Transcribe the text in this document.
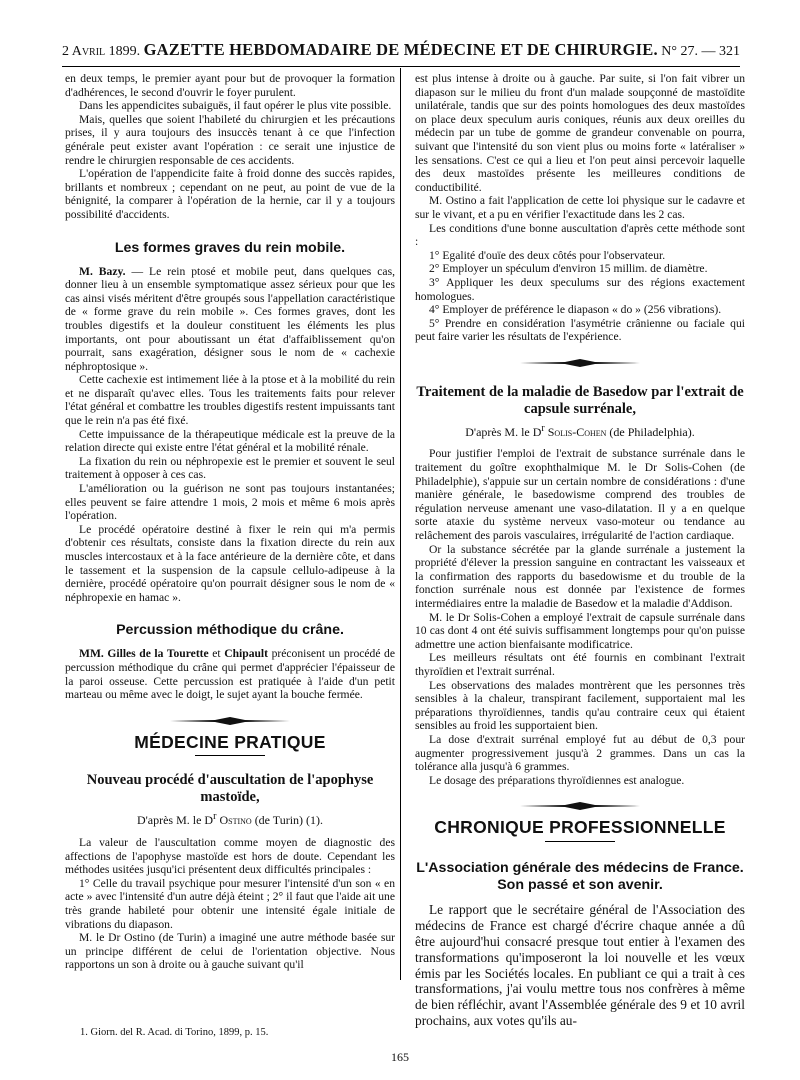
2 Avril 1899. GAZETTE HEBDOMADAIRE DE MÉDECINE ET DE CHIRURGIE. N° 27. — 321

en deux temps, le premier ayant pour but de provoquer la formation d'adhérences, le second d'ouvrir le foyer purulent.

Dans les appendicites subaiguës, il faut opérer le plus vite possible.

Mais, quelles que soient l'habileté du chirurgien et les précautions prises, il y aura toujours des insuccès tenant à ce que l'infection générale peut exister avant l'opération : ce serait une injustice de rendre le chirurgien responsable de ces accidents.

L'opération de l'appendicite faite à froid donne des succès rapides, brillants et nombreux ; cependant on ne peut, au point de vue de la bénignité, la comparer à l'opération de la hernie, car il y a toujours possibilité d'accidents.

Les formes graves du rein mobile.

M. Bazy. — Le rein ptosé et mobile peut, dans quelques cas, donner lieu à un ensemble symptomatique assez sérieux pour que les cas ainsi visés méritent d'être groupés sous l'appellation caractéristique de « forme grave du rein mobile ». Ces formes graves, dont les troubles digestifs et la douleur constituent les éléments les plus importants, ont pour aboutissant un état d'affaiblissement qu'on pourrait, sans exagération, désigner sous le nom de « cachexie néphroptosique ».

Cette cachexie est intimement liée à la ptose et à la mobilité du rein et ne disparaît qu'avec elles. Tous les traitements faits pour relever l'état général et combattre les troubles digestifs restent impuissants tant que le rein n'a pas été fixé.

Cette impuissance de la thérapeutique médicale est la preuve de la relation directe qui existe entre l'état général et la mobilité rénale.

La fixation du rein ou néphropexie est le premier et souvent le seul traitement à opposer à ces cas.

L'amélioration ou la guérison ne sont pas toujours instantanées; elles peuvent se faire attendre 1 mois, 2 mois et même 6 mois après l'opération.

Le procédé opératoire destiné à fixer le rein qui m'a permis d'obtenir ces résultats, consiste dans la fixation directe du rein aux muscles intercostaux et à la face antérieure de la dernière côte, et dans le tassement et la suspension de la capsule cellulo-adipeuse à la dernière, procédé opératoire qu'on pourrait désigner sous le nom de « néphropexie en hamac ».

Percussion méthodique du crâne.

MM. Gilles de la Tourette et Chipault préconisent un procédé de percussion méthodique du crâne qui permet d'apprécier l'épaisseur de la paroi osseuse. Cette percussion est pratiquée à l'aide d'un petit marteau ou même avec le doigt, le sujet ayant la bouche fermée.

MÉDECINE PRATIQUE
Nouveau procédé d'auscultation de l'apophyse mastoïde,
D'après M. le $D^r$ Ostino (de Turin) (1).

La valeur de l'auscultation comme moyen de diagnostic des affections de l'apophyse mastoïde est hors de doute. Cependant les méthodes usitées jusqu'ici présentent deux difficultés principales :

1° Celle du travail psychique pour mesurer l'intensité d'un son « en acte » avec l'intensité d'un autre déjà éteint ; 2° il faut que l'aide ait une très grande habileté pour obtenir une intensité égale initiale de vibrations du diapason.

M. le Dr Ostino (de Turin) a imaginé une autre méthode basée sur un principe différent de celui de l'orientation objective. Nous rapportons un son à droite ou à gauche suivant qu'il

est plus intense à droite ou à gauche. Par suite, si l'on fait vibrer un diapason sur le milieu du front d'un malade soupçonné de mastoïdite unilatérale, tandis que sur des points homologues des deux mastoïdes on place deux speculum auris coniques, réunis aux deux oreilles du médecin par un tube de gomme de grandeur convenable on pourra, suivant que l'intensité du son vient plus ou moins forte « latéraliser » les sensations. C'est ce qui a lieu et l'on peut ainsi percevoir laquelle des deux mastoïdes présente les meilleures conditions de conductibilité.

M. Ostino a fait l'application de cette loi physique sur le cadavre et sur le vivant, et a pu en vérifier l'exactitude dans les 2 cas.

Les conditions d'une bonne auscultation d'après cette méthode sont :

1° Egalité d'ouïe des deux côtés pour l'observateur.

2° Employer un spéculum d'environ 15 millim. de diamètre.

3° Appliquer les deux speculums sur des régions exactement homologues.

4° Employer de préférence le diapason « do » (256 vibrations).

5° Prendre en considération l'asymétrie crânienne ou faciale qui peut faire varier les résultats de l'expérience.

Traitement de la maladie de Basedow par l'extrait de capsule surrénale,
D'après M. le $D^r$ Solis-Cohen (de Philadelphia).

Pour justifier l'emploi de l'extrait de substance surrénale dans le traitement du goître exophthalmique M. le Dr Solis-Cohen (de Philadelphie), s'appuie sur un certain nombre de considérations : d'une manière générale, le basedowisme comprend des troubles de régulation nerveuse amenant une vaso-dilatation. Il y a en quelque sorte ataxie du système nerveux vaso-moteur ou tendance au relâchement des parois vasculaires, irrégularité de l'action cardiaque.

Or la substance sécrétée par la glande surrénale a justement la propriété d'élever la pression sanguine en contractant les vaisseaux et la confirmation des rapports du basedowisme et du trouble de la fonction surrénale nous est donnée par l'existence de formes intermédiaires entre la maladie de Basedow et la maladie d'Addison.

M. le Dr Solis-Cohen a employé l'extrait de capsule surrénale dans 10 cas dont 4 ont été suivis suffisamment longtemps pour qu'on puisse admettre une action bienfaisante modificatrice.

Les meilleurs résultats ont été fournis en combinant l'extrait thyroïdien et l'extrait surrénal.

Les observations des malades montrèrent que les personnes très sensibles à la chaleur, transpirant facilement, supportaient mal les préparations thyroïdiennes, tandis qu'au contraire ceux qui étaient sensibles au froid les supportaient bien.

La dose d'extrait surrénal employé fut au début de 0,3 pour augmenter progressivement jusqu'à 2 grammes. Dans un cas la tolérance alla jusqu'à 6 grammes.

Le dosage des préparations thyroïdiennes est analogue.

CHRONIQUE PROFESSIONNELLE
L'Association générale des médecins de France. Son passé et son avenir.

Le rapport que le secrétaire général de l'Association des médecins de France est chargé d'écrire chaque année a dû être aujourd'hui consacré presque tout entier à l'examen des transformations qu'imposeront la loi nouvelle et les vœux émis par les Sociétés locales. En publiant ce qui a trait à ces transformations, j'ai voulu mettre tous nos confrères à même de bien réfléchir, avant l'Assemblée générale des 9 et 10 avril prochains, aux votes qu'ils au-

1. Giorn. del R. Acad. di Torino, 1899, p. 15.
165
